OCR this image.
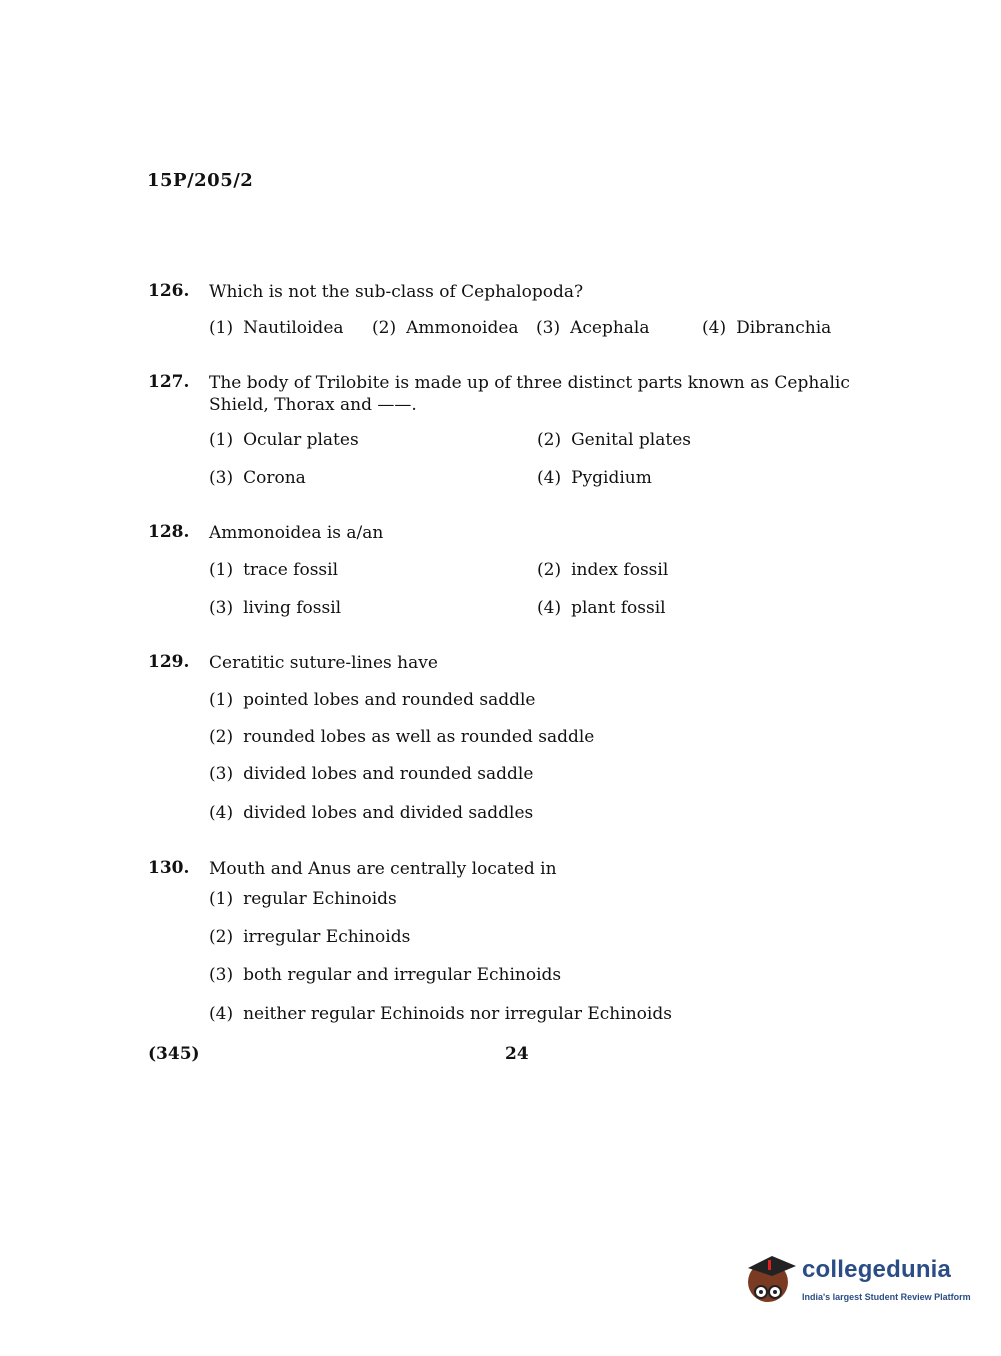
15P/205/2
126. Which is not the sub-class of Cephalopoda?
(1) Nautiloidea (2) Ammonoidea (3) Acephala	(4) Dibranchia
127. The body of Trilobite is made up of three distinct parts known as Cephalic Shield, Thorax and ——.
(1) Ocular plates	(2) Genital plates
(3) Corona	(4) Pygidium
128. Ammonoidea is a/an
(1) trace fossil	(2) index fossil
(3) living fossil	(4) plant fossil
129. Ceratitic suture-lines have
(1) pointed lobes and rounded saddle
(2) rounded lobes as well as rounded saddle
(3) divided lobes and rounded saddle
(4) divided lobes and divided saddles
130. Mouth and Anus are centrally located in
(1) regular Echinoids
(2) irregular Echinoids
(3) both regular and irregular Echinoids
(4) neither regular Echinoids nor irregular Echinoids
(345)	24
collegedunia
India's largest Student Review Platform
